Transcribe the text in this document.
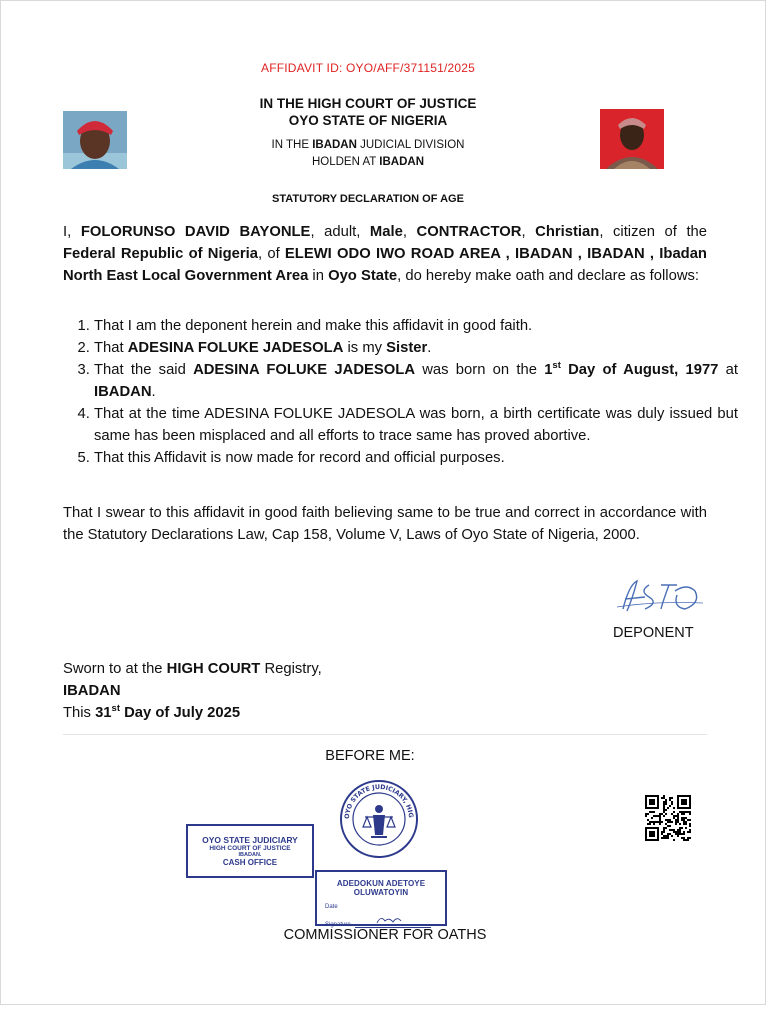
AFFIDAVIT ID: OYO/AFF/371151/2025
IN THE HIGH COURT OF JUSTICE
OYO STATE OF NIGERIA
IN THE IBADAN JUDICIAL DIVISION
HOLDEN AT IBADAN
STATUTORY DECLARATION OF AGE
I, FOLORUNSO DAVID BAYONLE, adult, Male, CONTRACTOR, Christian, citizen of the Federal Republic of Nigeria, of ELEWI ODO IWO ROAD AREA , IBADAN , IBADAN , Ibadan North East Local Government Area in Oyo State, do hereby make oath and declare as follows:
1. That I am the deponent herein and make this affidavit in good faith.
2. That ADESINA FOLUKE JADESOLA is my Sister.
3. That the said ADESINA FOLUKE JADESOLA was born on the 1st Day of August, 1977 at IBADAN.
4. That at the time ADESINA FOLUKE JADESOLA was born, a birth certificate was duly issued but same has been misplaced and all efforts to trace same has proved abortive.
5. That this Affidavit is now made for record and official purposes.
That I swear to this affidavit in good faith believing same to be true and correct in accordance with the Statutory Declarations Law, Cap 158, Volume V, Laws of Oyo State of Nigeria, 2000.
DEPONENT
Sworn to at the HIGH COURT Registry,
IBADAN
This 31st Day of July 2025
BEFORE ME:
OYO STATE JUDICIARY, HIG
OYO STATE JUDICIARY
HIGH COURT OF JUSTICE
IBADAN.
CASH OFFICE
ADEDOKUN ADETOYE OLUWATOYIN
Date
Signature
COMMISSIONER FOR OATHS
